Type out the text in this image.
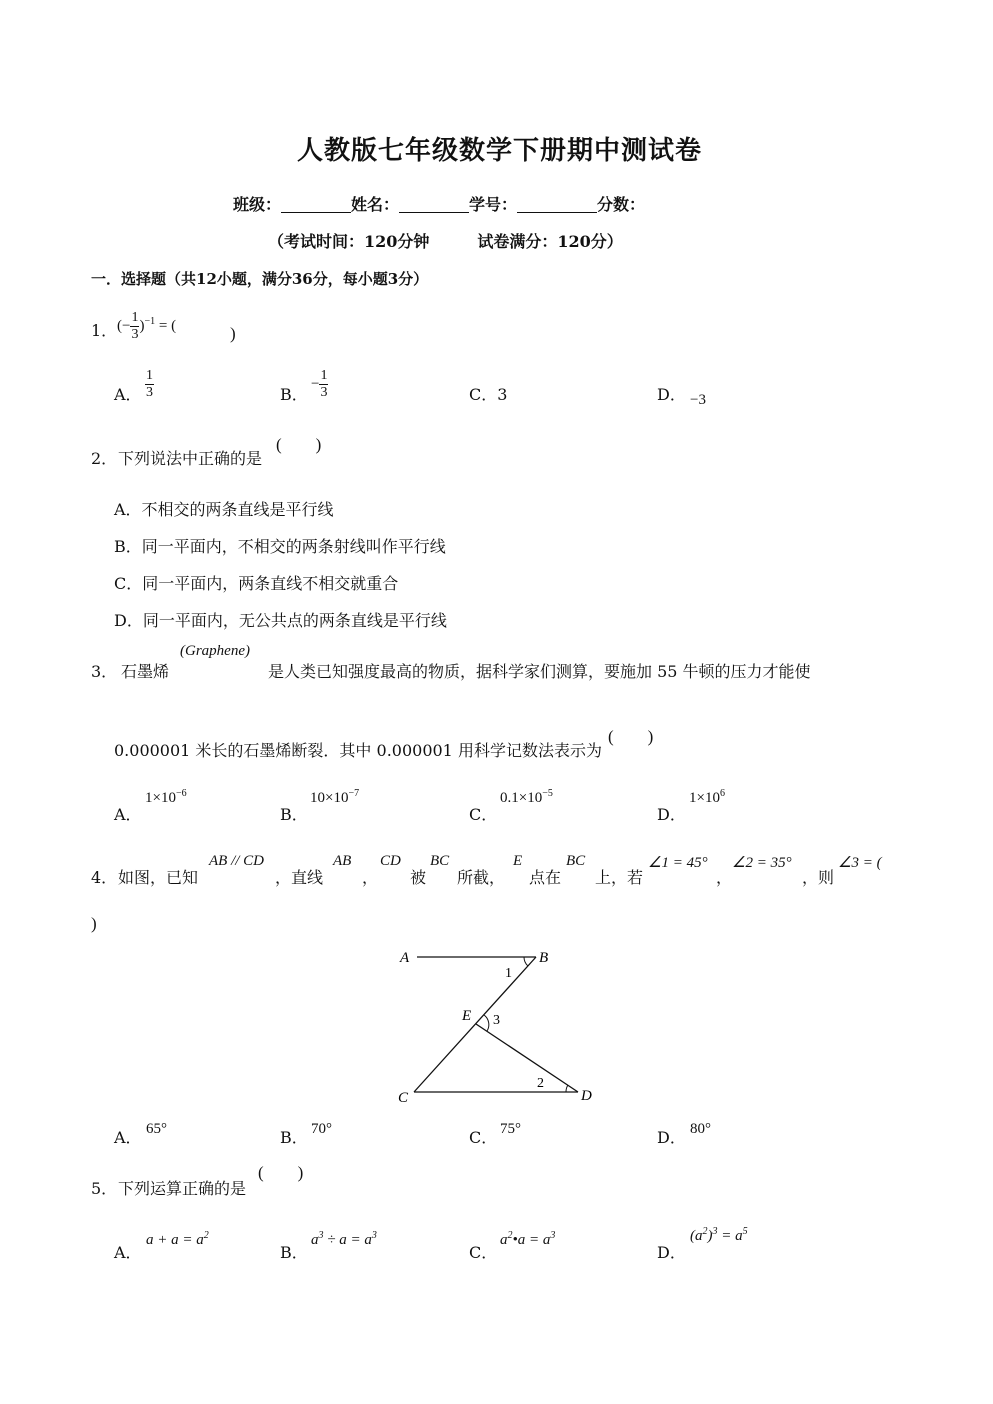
人教版七年级数学下册期中测试卷
班级：	姓名：	学号：	分数：
（考试时间：120分钟　　　试卷满分：120分）
一．选择题（共12小题，满分36分，每小题3分）
1． (− $\frac{1}{3} )^{-1}$ = (	)
A． $\frac{1}{3}$	B．
− $\frac{1}{3}$	C．3	D． −3
2． 下列说法中正确的是
(　　)
A．不相交的两条直线是平行线
B．同一平面内，不相交的两条射线叫作平行线
C．同一平面内，两条直线不相交就重合
D．同一平面内，无公共点的两条直线是平行线
3． 石墨烯
(Graphene)
是人类已知强度最高的物质，据科学家们测算，要施加 55 牛顿的压力才能使
0.000001 米长的石墨烯断裂．其中 0.000001 用科学记数法表示为
(　　)
A．
$1\times 10^{-6}$
B．
$10\times 10^{-7}$
C．
$0.1\times 10^{-5}$
D．
$1\times 10^6$
4． 如图，已知
AB // CD
，直线
AB
，
CD
被
BC
所截，
E
点在
BC
上，若
∠1 = 45°
，
∠2 = 35°
，则
∠3 = (
)
A	B
C	D
E
1
2
3
A． 65°	B． 70°	C． 75°	D． 80°
5． 下列运算正确的是
(　　)
A．
$a + a = a^2$
B．
$a^3 \div a = a^3$
C．
$a^2•a = a^3$
D．
$(a^2)^3 = a^5$
